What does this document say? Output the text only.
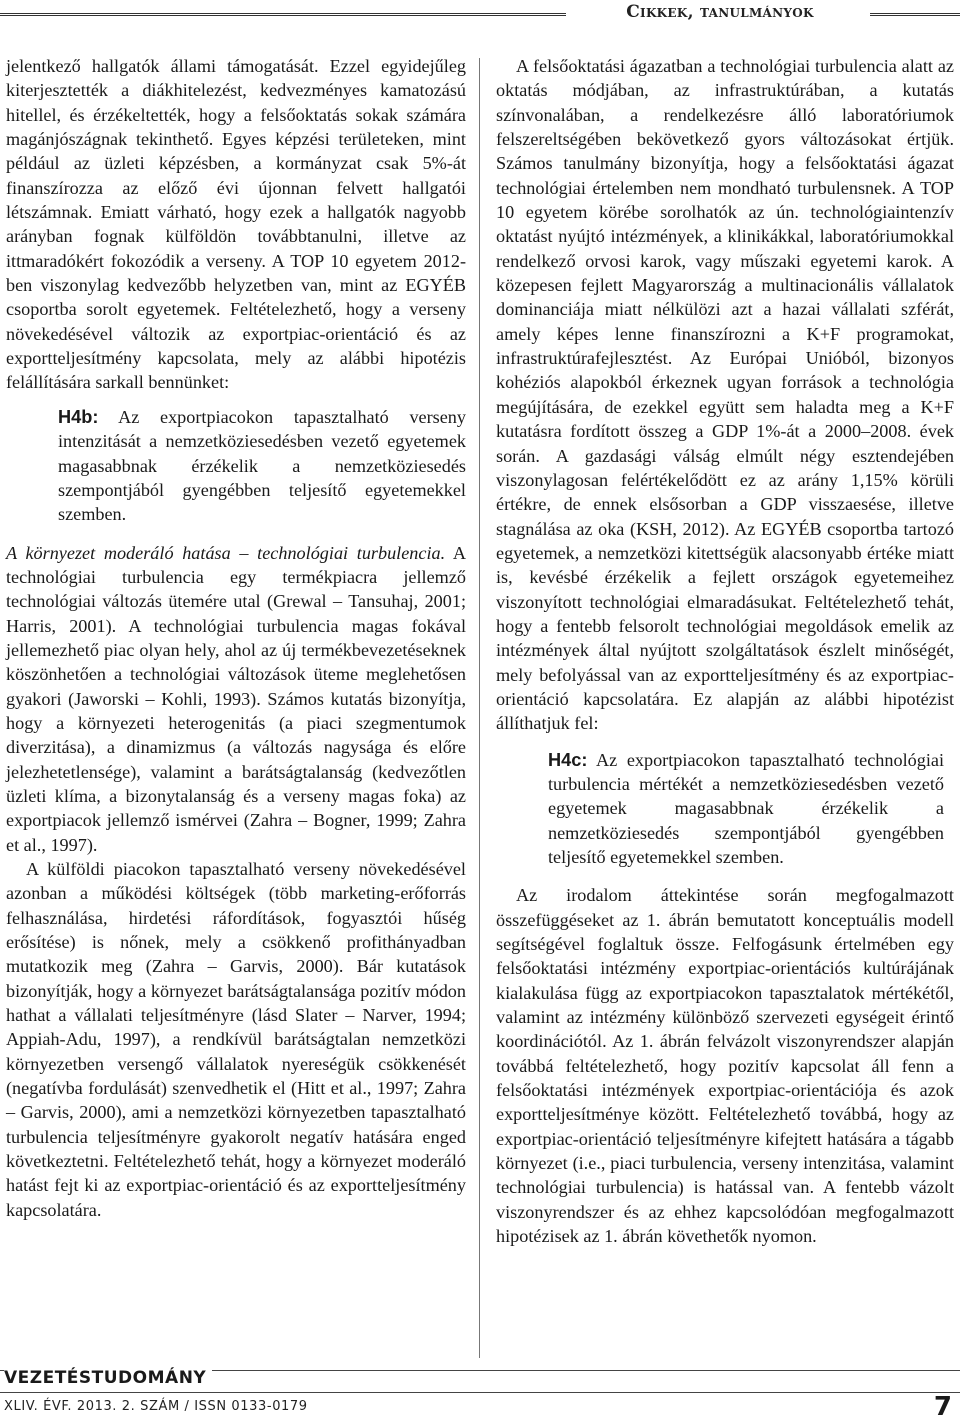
Cikkek, tanulmányok

jelentkező hallgatók állami támogatását. Ezzel egyidejűleg kiterjesztették a diákhitelezést, kedvezményes kamatozású hitellel, és érzékeltették, hogy a felsőoktatás sokak számára magánjószágnak tekinthető. Egyes képzési területeken, mint például az üzleti képzésben, a kormányzat csak 5%-át finanszírozza az előző évi újonnan felvett hallgatói létszámnak. Emiatt várható, hogy ezek a hallgatók nagyobb arányban fognak külföldön továbbtanulni, illetve az ittmaradókért fokozódik a verseny. A TOP 10 egyetem 2012-ben viszonylag kedvezőbb helyzetben van, mint az EGYÉB csoportba sorolt egyetemek. Feltételezhető, hogy a verseny növekedésével változik az exportpiac-orientáció és az exportteljesítmény kapcsolata, mely az alábbi hipotézis felállítására sarkall bennünket:

H4b: Az exportpiacokon tapasztalható verseny intenzitását a nemzetköziesedésben vezető egyetemek magasabbnak érzékelik a nemzetköziesedés szempontjából gyengébben teljesítő egyetemekkel szemben.

A környezet moderáló hatása – technológiai turbulencia. A technológiai turbulencia egy termékpiacra jellemző technológiai változás ütemére utal (Grewal – Tansuhaj, 2001; Harris, 2001). A technológiai turbulencia magas fokával jellemezhető piac olyan hely, ahol az új termékbevezetéseknek köszönhetően a technológiai változások üteme meglehetősen gyakori (Jaworski – Kohli, 1993). Számos kutatás bizonyítja, hogy a környezeti heterogenitás (a piaci szegmentumok diverzitása), a dinamizmus (a változás nagysága és előre jelezhetetlensége), valamint a barátságtalanság (kedvezőtlen üzleti klíma, a bizonytalanság és a verseny magas foka) az exportpiacok jellemző ismérvei (Zahra – Bogner, 1999; Zahra et al., 1997).

A külföldi piacokon tapasztalható verseny növekedésével azonban a működési költségek (több marketing-erőforrás felhasználása, hirdetési ráfordítások, fogyasztói hűség erősítése) is nőnek, mely a csökkenő profithányadban mutatkozik meg (Zahra – Garvis, 2000). Bár kutatások bizonyítják, hogy a környezet barátságtalansága pozitív módon hathat a vállalati teljesítményre (lásd Slater – Narver, 1994; Appiah-Adu, 1997), a rendkívül barátságtalan nemzetközi környezetben versengő vállalatok nyereségük csökkenését (negatívba fordulását) szenvedhetik el (Hitt et al., 1997; Zahra – Garvis, 2000), ami a nemzetközi környezetben tapasztalható turbulencia teljesítményre gyakorolt negatív hatására enged következtetni. Feltételezhető tehát, hogy a környezet moderáló hatást fejt ki az exportpiac-orientáció és az exportteljesítmény kapcsolatára.

A felsőoktatási ágazatban a technológiai turbulencia alatt az oktatás módjában, az infrastruktúrában, a kutatás színvonalában, a rendelkezésre álló laboratóriumok felszereltségében bekövetkező gyors változásokat értjük. Számos tanulmány bizonyítja, hogy a felsőoktatási ágazat technológiai értelemben nem mondható turbulensnek. A TOP 10 egyetem körébe sorolhatók az ún. technológiaintenzív oktatást nyújtó intézmények, a klinikákkal, laboratóriumokkal rendelkező orvosi karok, vagy műszaki egyetemi karok. A közepesen fejlett Magyarország a multinacionális vállalatok dominanciája miatt nélkülözi azt a hazai vállalati szférát, amely képes lenne finanszírozni a K+F programokat, infrastruktúrafejlesztést. Az Európai Unióból, bizonyos kohéziós alapokból érkeznek ugyan források a technológia megújítására, de ezekkel együtt sem haladta meg a K+F kutatásra fordított összeg a GDP 1%-át a 2000–2008. évek során. A gazdasági válság elmúlt négy esztendejében viszonylagosan felértékelődött ez az arány 1,15% körüli értékre, de ennek elsősorban a GDP visszaesése, illetve stagnálása az oka (KSH, 2012). Az EGYÉB csoportba tartozó egyetemek, a nemzetközi kitettségük alacsonyabb értéke miatt is, kevésbé érzékelik a fejlett országok egyetemeihez viszonyított technológiai elmaradásukat. Feltételezhető tehát, hogy a fentebb felsorolt technológiai megoldások emelik az intézmények által nyújtott szolgáltatások észlelt minőségét, mely befolyással van az exportteljesítmény és az exportpiac-orientáció kapcsolatára. Ez alapján az alábbi hipotézist állíthatjuk fel:

H4c: Az exportpiacokon tapasztalható technológiai turbulencia mértékét a nemzetköziesedésben vezető egyetemek magasabbnak érzékelik a nemzetköziesedés szempontjából gyengébben teljesítő egyetemekkel szemben.

Az irodalom áttekintése során megfogalmazott összefüggéseket az 1. ábrán bemutatott konceptuális modell segítségével foglaltuk össze. Felfogásunk értelmében egy felsőoktatási intézmény exportpiac-orientációs kultúrájának kialakulása függ az exportpiacokon tapasztalatok mértékétől, valamint az intézmény különböző szervezeti egységeit érintő koordinációtól. Az 1. ábrán felvázolt viszonyrendszer alapján továbbá feltételezhető, hogy pozitív kapcsolat áll fenn a felsőoktatási intézmények exportpiac-orientációja és azok exportteljesítménye között. Feltételezhető továbbá, hogy az exportpiac-orientáció teljesítményre kifejtett hatására a tágabb környezet (i.e., piaci turbulencia, verseny intenzitása, valamint technológiai turbulencia) is hatással van. A fentebb vázolt viszonyrendszer és az ehhez kapcsolódóan megfogalmazott hipotézisek az 1. ábrán követhetők nyomon.

VEZETÉSTUDOMÁNY
XLIV. ÉVF. 2013. 2. SZÁM / ISSN 0133-0179	7
